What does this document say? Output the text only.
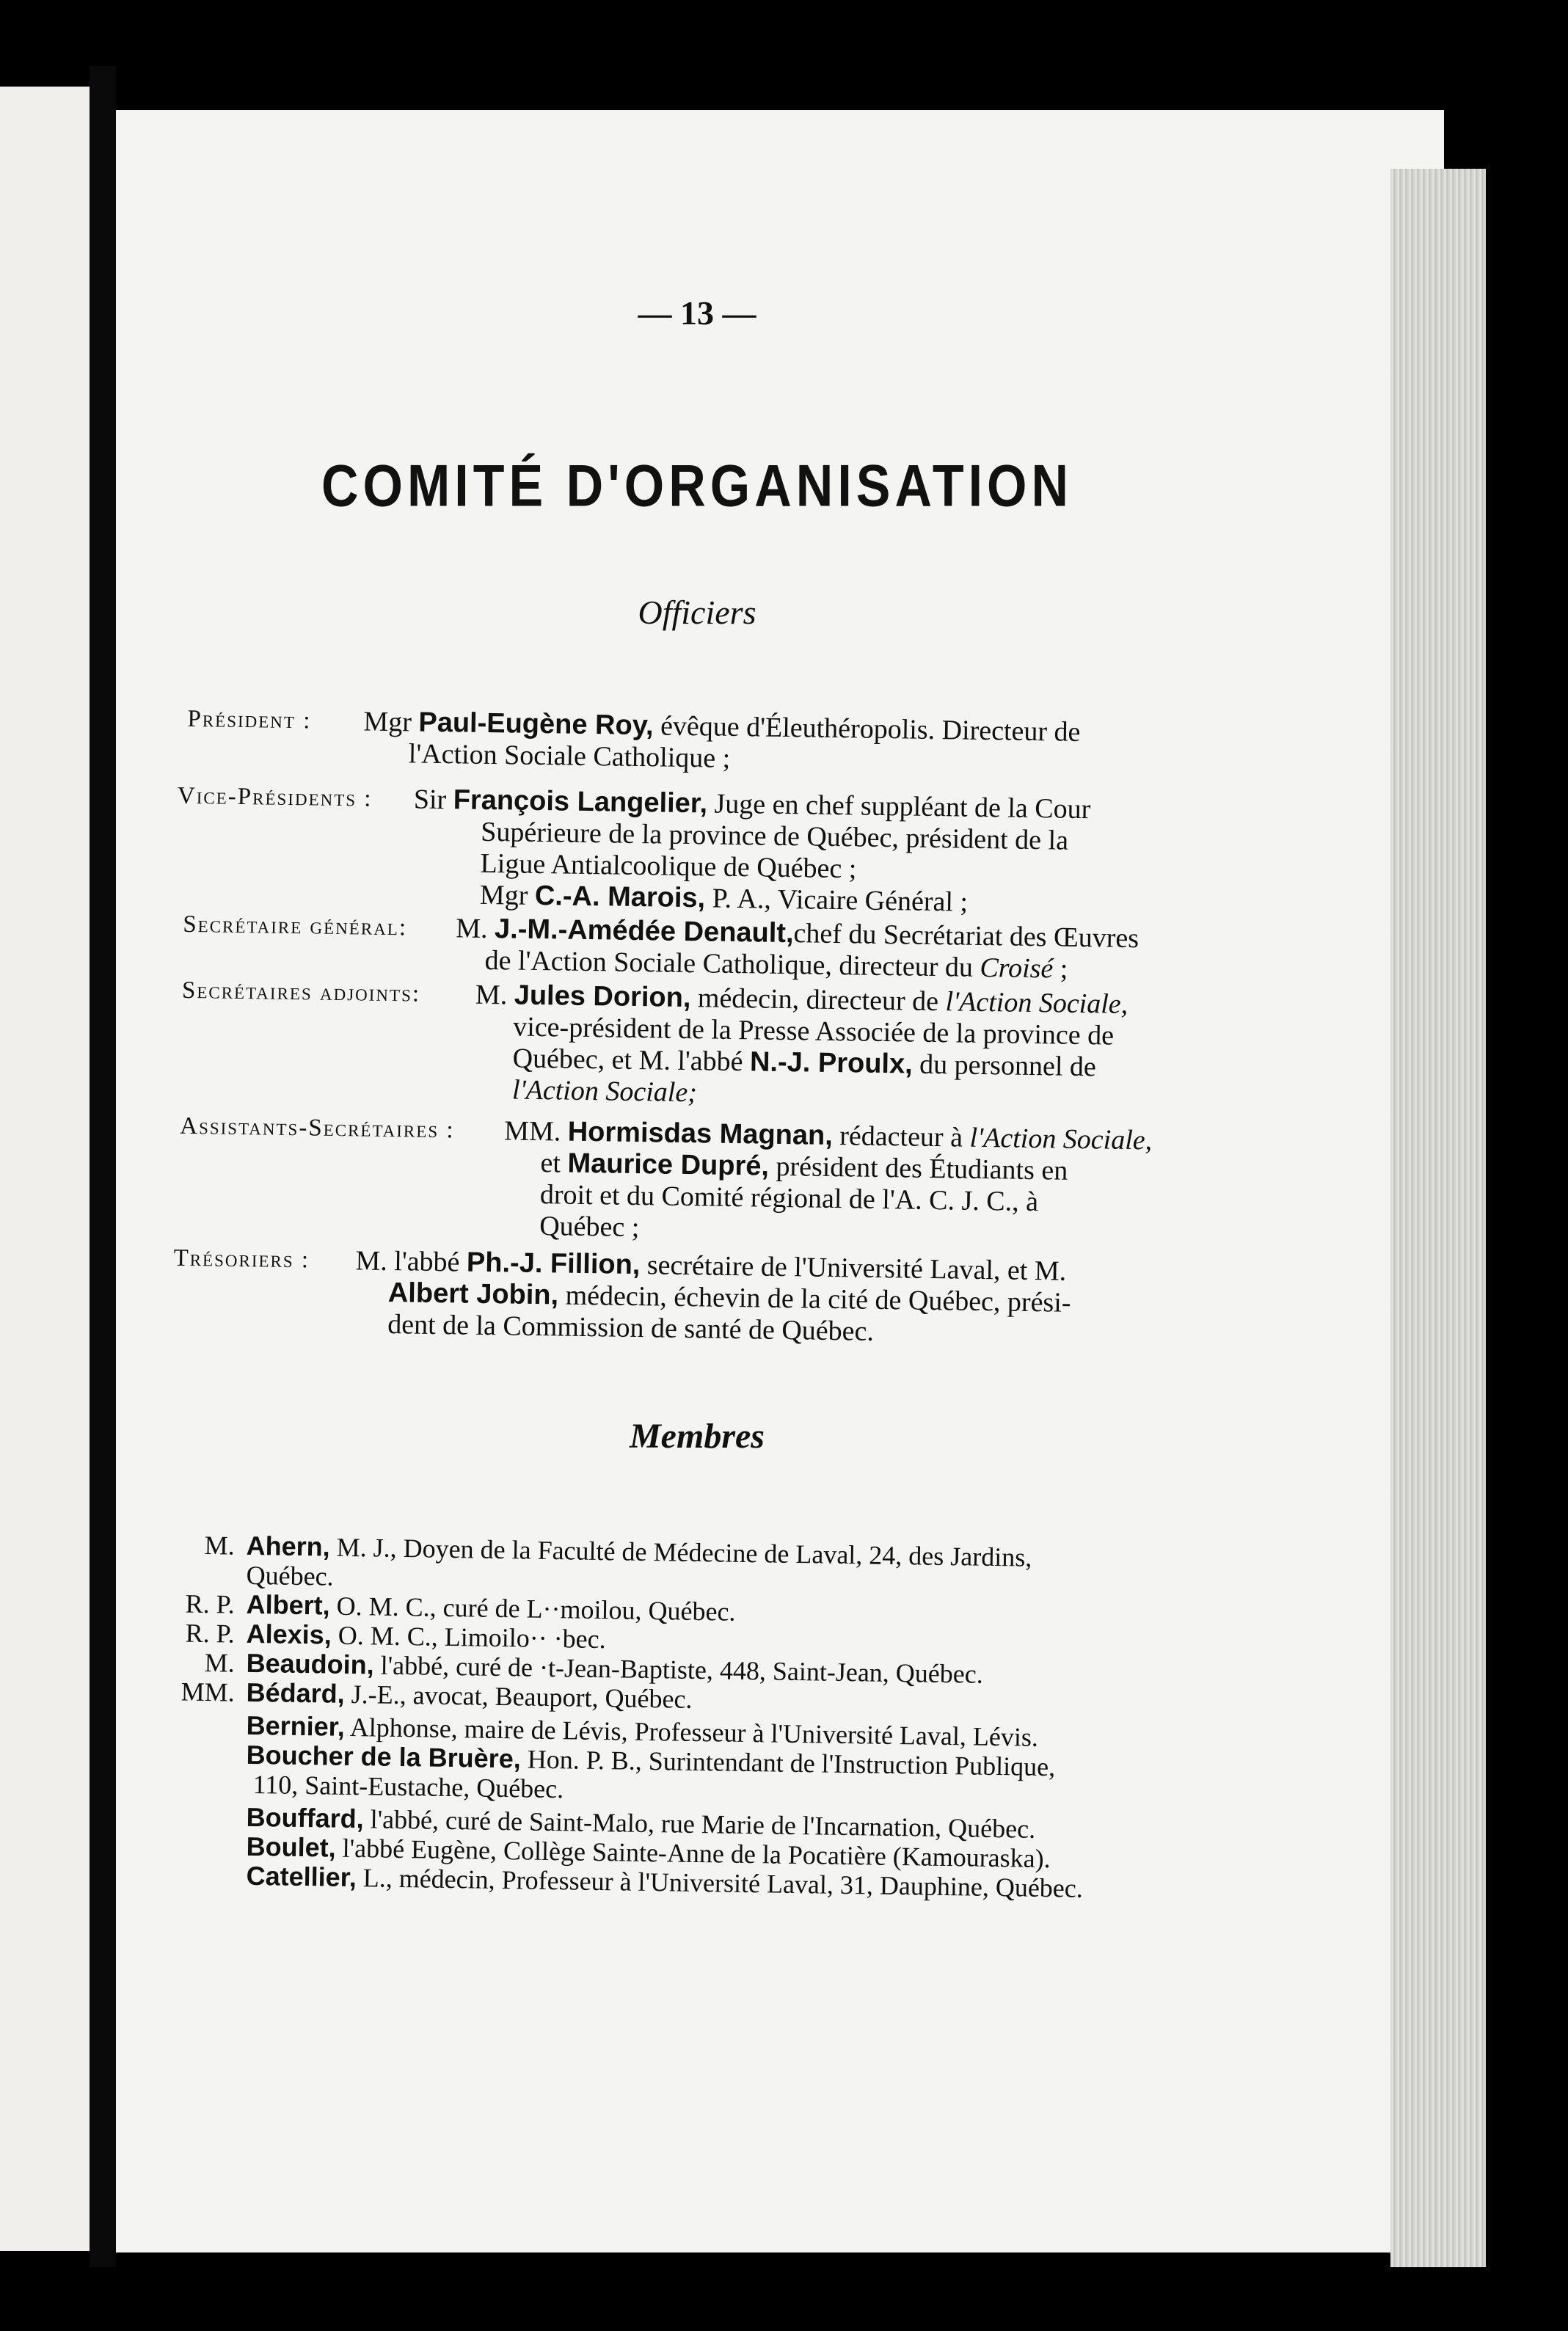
— 13 —
COMITÉ D'ORGANISATION
Officiers
Président :	Mgr Paul-Eugène Roy, évêque d'Éleuthéropolis. Directeur de
l'Action Sociale Catholique ;
Vice-Présidents :	Sir François Langelier, Juge en chef suppléant de la Cour
Supérieure de la province de Québec, président de la
Ligue Antialcoolique de Québec ;
Mgr C.-A. Marois, P. A., Vicaire Général ;
Secrétaire général:	M. J.-M.-Amédée Denault,chef du Secrétariat des Œuvres
de l'Action Sociale Catholique, directeur du Croisé ;
Secrétaires adjoints:	M. Jules Dorion, médecin, directeur de l'Action Sociale,
vice-président de la Presse Associée de la province de
Québec, et M. l'abbé N.-J. Proulx, du personnel de
l'Action Sociale;
Assistants-Secrétaires :	MM. Hormisdas Magnan, rédacteur à l'Action Sociale,
et Maurice Dupré, président des Étudiants en
droit et du Comité régional de l'A. C. J. C., à
Québec ;
Trésoriers :	M. l'abbé Ph.-J. Fillion, secrétaire de l'Université Laval, et M.
Albert Jobin, médecin, échevin de la cité de Québec, prési-
dent de la Commission de santé de Québec.
Membres
M. Ahern, M. J., Doyen de la Faculté de Médecine de Laval, 24, des Jardins,
Québec.
R. P. Albert, O. M. C., curé de L··moilou, Québec.
R. P. Alexis, O. M. C., Limoilo·· ·bec.
M. Beaudoin, l'abbé, curé de ·t-Jean-Baptiste, 448, Saint-Jean, Québec.
MM. Bédard, J.-E., avocat, Beauport, Québec.
Bernier, Alphonse, maire de Lévis, Professeur à l'Université Laval, Lévis.
Boucher de la Bruère, Hon. P. B., Surintendant de l'Instruction Publique,
110, Saint-Eustache, Québec.
Bouffard, l'abbé, curé de Saint-Malo, rue Marie de l'Incarnation, Québec.
Boulet, l'abbé Eugène, Collège Sainte-Anne de la Pocatière (Kamouraska).
Catellier, L., médecin, Professeur à l'Université Laval, 31, Dauphine, Québec.
